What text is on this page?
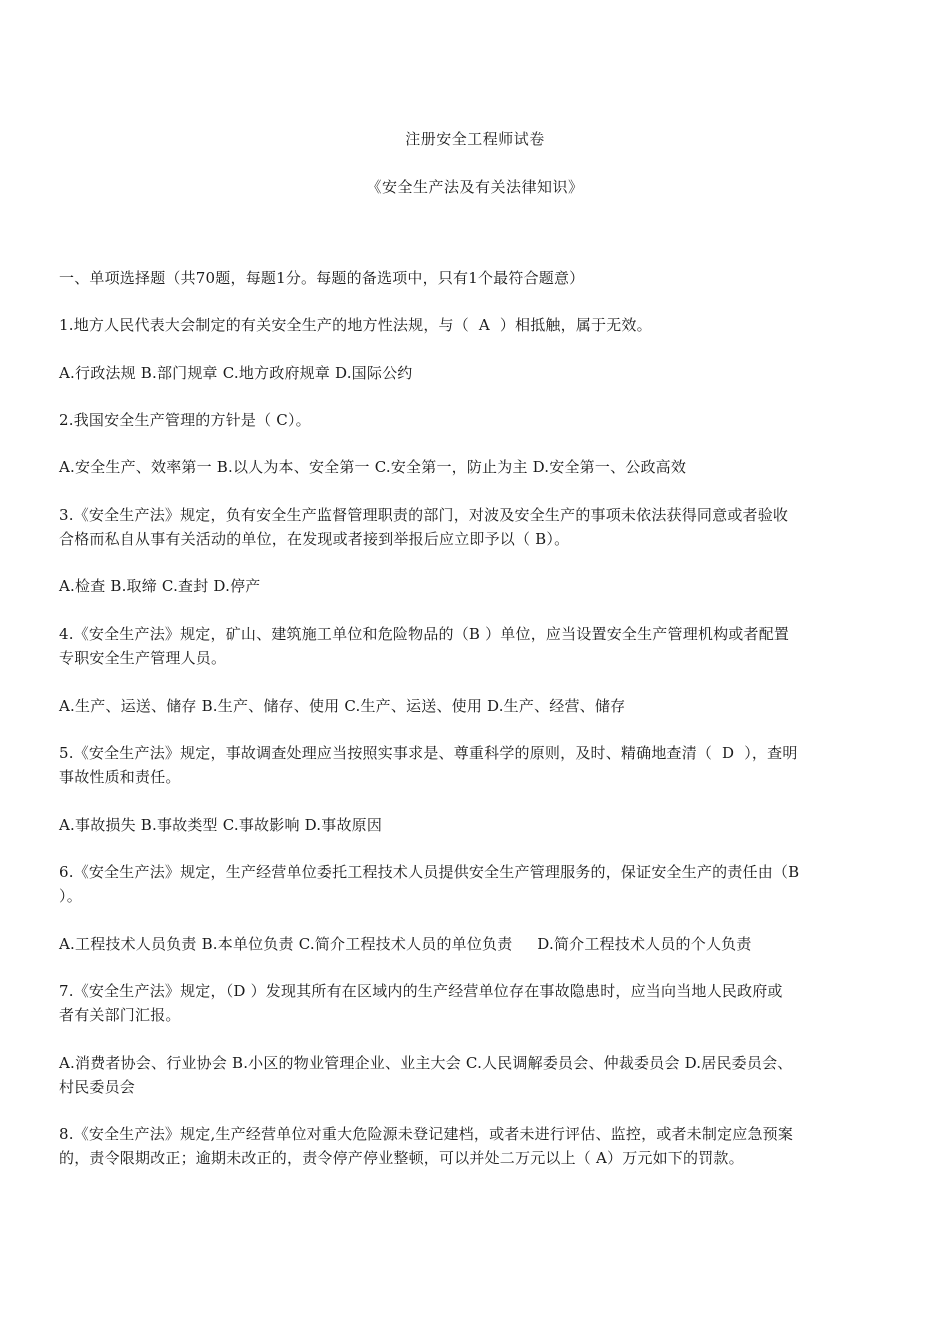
注册安全工程师试卷
《安全生产法及有关法律知识》
一、单项选择题（共70题，每题1分。每题的备选项中，只有1个最符合题意）
1.地方人民代表大会制定的有关安全生产的地方性法规，与（  A  ）相抵触，属于无效。
A.行政法规 B.部门规章 C.地方政府规章 D.国际公约
2.我国安全生产管理的方针是（ C）。
A.安全生产、效率第一 B.以人为本、安全第一 C.安全第一，防止为主 D.安全第一、公政高效
3.《安全生产法》规定，负有安全生产监督管理职责的部门，对波及安全生产的事项未依法获得同意或者验收
合格而私自从事有关活动的单位，在发现或者接到举报后应立即予以（ B）。
A.检查 B.取缔 C.查封 D.停产
4.《安全生产法》规定，矿山、建筑施工单位和危险物品的（B ）单位，应当设置安全生产管理机构或者配置
专职安全生产管理人员。
A.生产、运送、储存 B.生产、储存、使用 C.生产、运送、使用 D.生产、经营、储存
5.《安全生产法》规定，事故调查处理应当按照实事求是、尊重科学的原则，及时、精确地查清（  D  ），查明
事故性质和责任。
A.事故损失 B.事故类型 C.事故影响 D.事故原因
6.《安全生产法》规定，生产经营单位委托工程技术人员提供安全生产管理服务的，保证安全生产的责任由（B
）。
A.工程技术人员负责 B.本单位负责 C.简介工程技术人员的单位负责     D.简介工程技术人员的个人负责
7.《安全生产法》规定，（D ）发现其所有在区域内的生产经营单位存在事故隐患时，应当向当地人民政府或
者有关部门汇报。
A.消费者协会、行业协会 B.小区的物业管理企业、业主大会 C.人民调解委员会、仲裁委员会 D.居民委员会、
村民委员会
8.《安全生产法》规定,生产经营单位对重大危险源未登记建档，或者未进行评估、监控，或者未制定应急预案
的，责令限期改正；逾期未改正的，责令停产停业整顿，可以并处二万元以上（ A）万元如下的罚款。
